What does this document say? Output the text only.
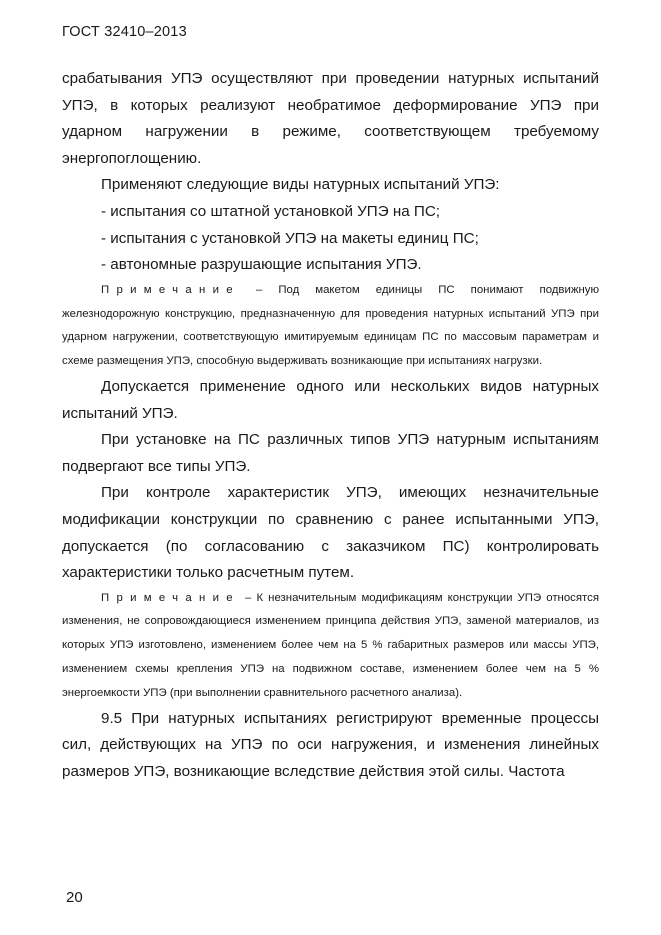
ГОСТ 32410–2013

срабатывания УПЭ осуществляют при проведении натурных испытаний УПЭ, в которых реализуют необратимое деформирование УПЭ при ударном нагружении в режиме, соответствующем требуемому энергопоглощению.

Применяют следующие виды натурных испытаний УПЭ:

- испытания со штатной установкой УПЭ на ПС;

- испытания с установкой УПЭ на макеты единиц ПС;

- автономные разрушающие испытания УПЭ.

Примечание – Под макетом единицы ПС понимают подвижную железнодорожную конструкцию, предназначенную для проведения натурных испытаний УПЭ при ударном нагружении, соответствующую имитируемым единицам ПС по массовым параметрам и схеме размещения УПЭ, способную выдерживать возникающие при испытаниях нагрузки.

Допускается применение одного или нескольких видов натурных испытаний УПЭ.

При установке на ПС различных типов УПЭ натурным испытаниям подвергают все типы УПЭ.

При контроле характеристик УПЭ, имеющих незначительные модификации конструкции по сравнению с ранее испытанными УПЭ, допускается (по согласованию с заказчиком ПС) контролировать характеристики только расчетным путем.

Примечание – К незначительным модификациям конструкции УПЭ относятся изменения, не сопровождающиеся изменением принципа действия УПЭ, заменой материалов, из которых УПЭ изготовлено, изменением более чем на 5 % габаритных размеров или массы УПЭ, изменением схемы крепления УПЭ на подвижном составе, изменением более чем на 5 % энергоемкости УПЭ (при выполнении сравнительного расчетного анализа).

9.5 При натурных испытаниях регистрируют временные процессы сил, действующих на УПЭ по оси нагружения, и изменения линейных размеров УПЭ, возникающие вследствие действия этой силы. Частота

20
